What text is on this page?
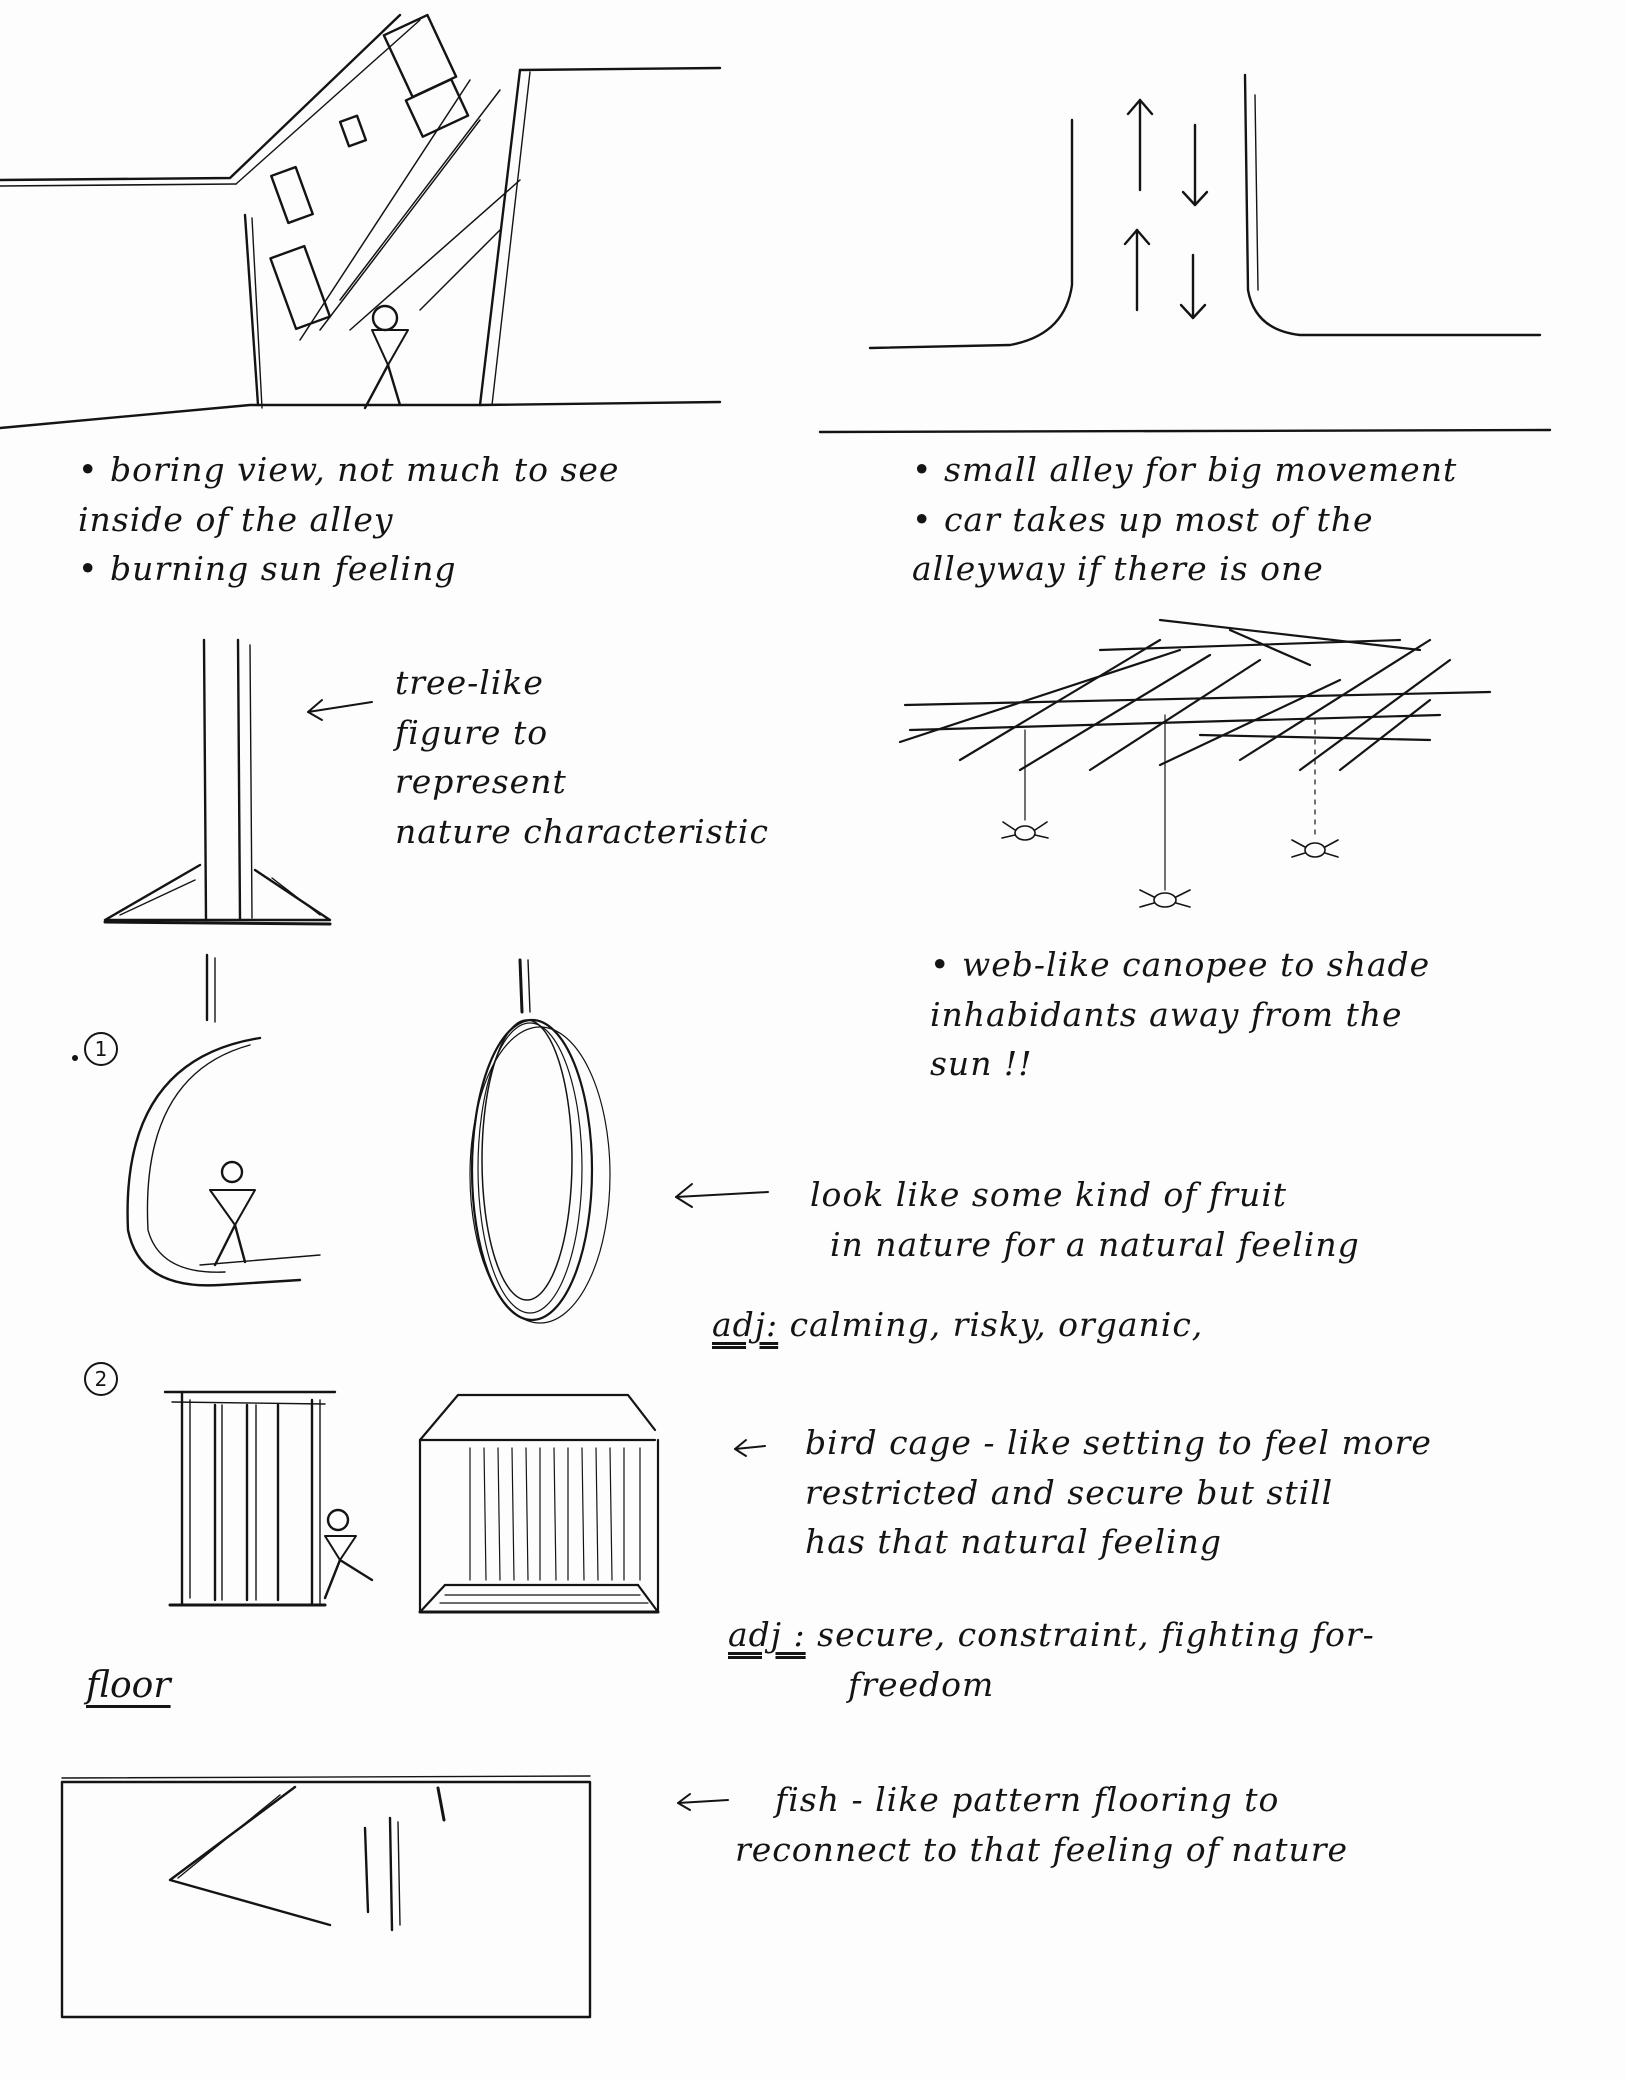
• boring view, not much to see
inside of the alley
• burning sun feeling
• small alley for big movement
• car takes up most of the
alleyway if there is one
tree-like
figure to
represent
nature characteristic
• web-like canopee to shade
inhabidants away from the
sun !!
look like some kind of fruit
in nature for a natural feeling
adj: calming, risky, organic,
bird cage - like setting to feel more
restricted and secure but still
has that natural feeling
adj : secure, constraint, fighting for-
freedom
floor
fish - like pattern flooring to
reconnect to that feeling of nature
1
2
